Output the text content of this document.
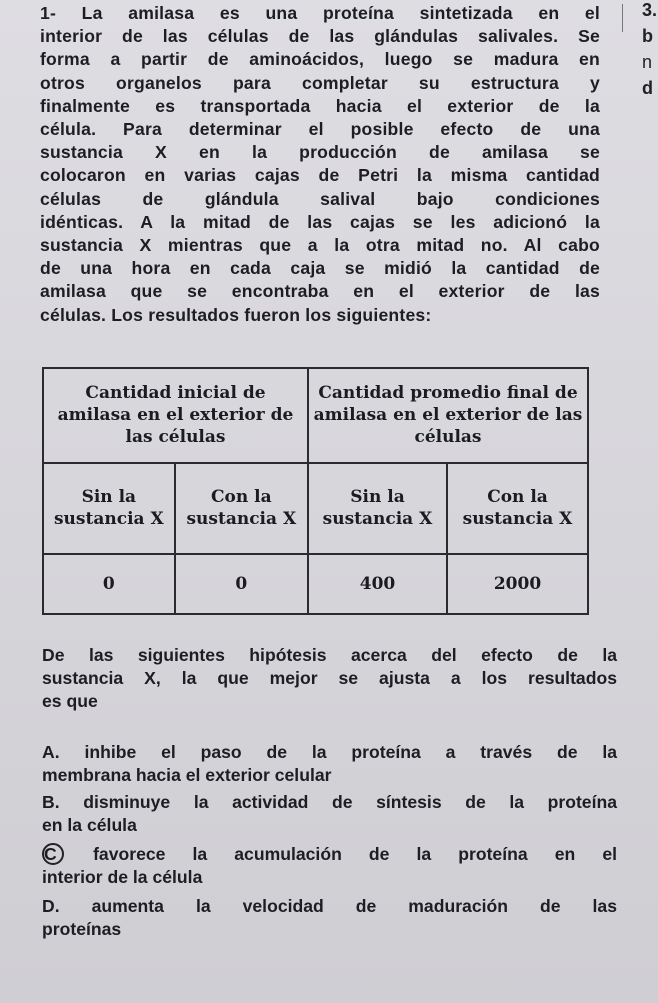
3.
b
n
d
1- La amilasa es una proteína sintetizada en el
interior de las células de las glándulas salivales. Se
forma a partir de aminoácidos, luego se madura en
otros organelos para completar su estructura y
finalmente es transportada hacia el exterior de la
célula. Para determinar el posible efecto de una
sustancia X en la producción de amilasa se
colocaron en varias cajas de Petri la misma cantidad
células de glándula salival bajo condiciones
idénticas. A la mitad de las cajas se les adicionó la
sustancia X mientras que a la otra mitad no. Al cabo
de una hora en cada caja se midió la cantidad de
amilasa que se encontraba en el exterior de las
células. Los resultados fueron los siguientes:
Cantidad inicial de amilasa en el exterior de las células		Cantidad promedio final de amilasa en el exterior de las células	
Sin la sustancia X	Con la sustancia X	Sin la sustancia X	Con la sustancia X
0	0	400	2000
De las siguientes hipótesis acerca del efecto de la
sustancia X, la que mejor se ajusta a los resultados
es que
A. inhibe el paso de la proteína a través de la
membrana hacia el exterior celular
B. disminuye la actividad de síntesis de la proteína
en la célula
C favorece la acumulación de la proteína en el
interior de la célula
D. aumenta la velocidad de maduración de las
proteínas
